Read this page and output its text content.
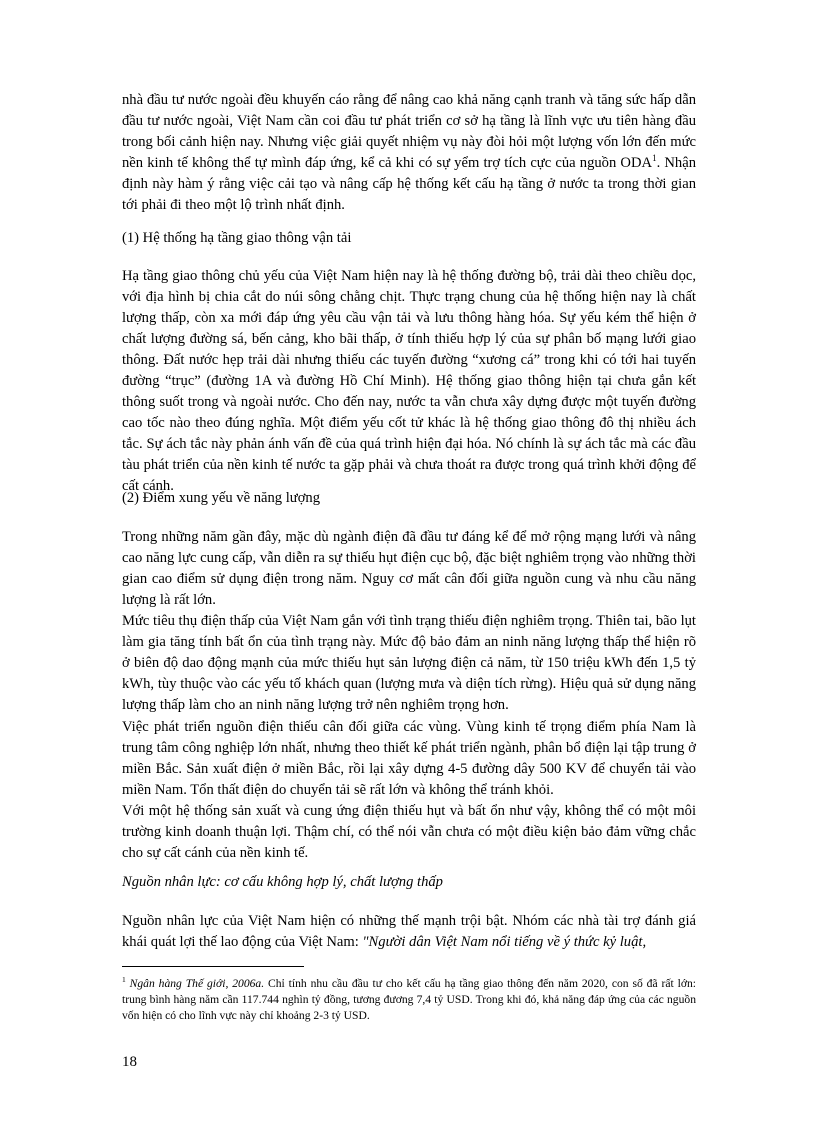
nhà đầu tư nước ngoài đều khuyến cáo rằng để nâng cao khả năng cạnh tranh và tăng sức hấp dẫn đầu tư nước ngoài, Việt Nam cần coi đầu tư phát triển cơ sở hạ tầng là lĩnh vực ưu tiên hàng đầu trong bối cảnh hiện nay. Nhưng việc giải quyết nhiệm vụ này đòi hỏi một lượng vốn lớn đến mức nền kinh tế không thể tự mình đáp ứng, kể cả khi có sự yểm trợ tích cực của nguồn ODA$^1$. Nhận định này hàm ý rằng việc cải tạo và nâng cấp hệ thống kết cấu hạ tầng ở nước ta trong thời gian tới phải đi theo một lộ trình nhất định.

(1) Hệ thống hạ tầng giao thông vận tải

Hạ tầng giao thông chủ yếu của Việt Nam hiện nay là hệ thống đường bộ, trải dài theo chiều dọc, với địa hình bị chia cắt do núi sông chằng chịt. Thực trạng chung của hệ thống hiện nay là chất lượng thấp, còn xa mới đáp ứng yêu cầu vận tải và lưu thông hàng hóa. Sự yếu kém thể hiện ở chất lượng đường sá, bến cảng, kho bãi thấp, ở tính thiếu hợp lý của sự phân bố mạng lưới giao thông. Đất nước hẹp trải dài nhưng thiếu các tuyến đường “xương cá” trong khi có tới hai tuyến đường “trục” (đường 1A và đường Hồ Chí Minh). Hệ thống giao thông hiện tại chưa gắn kết thông suốt trong và ngoài nước. Cho đến nay, nước ta vẫn chưa xây dựng được một tuyến đường cao tốc nào theo đúng nghĩa. Một điểm yếu cốt tử khác là hệ thống giao thông đô thị nhiều ách tắc. Sự ách tắc này phản ánh vấn đề của quá trình hiện đại hóa. Nó chính là sự ách tắc mà các đầu tàu phát triển của nền kinh tế nước ta gặp phải và chưa thoát ra được trong quá trình khởi động để cất cánh.

(2) Điểm xung yếu về năng lượng

Trong những năm gần đây, mặc dù ngành điện đã đầu tư đáng kể để mở rộng mạng lưới và nâng cao năng lực cung cấp, vẫn diễn ra sự thiếu hụt điện cục bộ, đặc biệt nghiêm trọng vào những thời gian cao điểm sử dụng điện trong năm. Nguy cơ mất cân đối giữa nguồn cung và nhu cầu năng lượng là rất lớn.

Mức tiêu thụ điện thấp của Việt Nam gắn với tình trạng thiếu điện nghiêm trọng. Thiên tai, bão lụt làm gia tăng tính bất ổn của tình trạng này. Mức độ bảo đảm an ninh năng lượng thấp thể hiện rõ ở biên độ dao động mạnh của mức thiếu hụt sản lượng điện cả năm, từ 150 triệu kWh đến 1,5 tỷ kWh, tùy thuộc vào các yếu tố khách quan (lượng mưa và diện tích rừng). Hiệu quả sử dụng năng lượng thấp làm cho an ninh năng lượng trở nên nghiêm trọng hơn.

Việc phát triển nguồn điện thiếu cân đối giữa các vùng. Vùng kinh tế trọng điểm phía Nam là trung tâm công nghiệp lớn nhất, nhưng theo thiết kế phát triển ngành, phân bổ điện lại tập trung ở miền Bắc. Sản xuất điện ở miền Bắc, rồi lại xây dựng 4-5 đường dây 500 KV để chuyển tải vào miền Nam. Tổn thất điện do chuyển tải sẽ rất lớn và không thể tránh khỏi.
Với một hệ thống sản xuất và cung ứng điện thiếu hụt và bất ổn như vậy, không thể có một môi trường kinh doanh thuận lợi. Thậm chí, có thể nói vẫn chưa có một điều kiện bảo đảm vững chắc cho sự cất cánh của nền kinh tế.

Nguồn nhân lực: cơ cấu không hợp lý, chất lượng thấp

Nguồn nhân lực của Việt Nam hiện có những thế mạnh trội bật. Nhóm các nhà tài trợ đánh giá khái quát lợi thế lao động của Việt Nam: "Người dân Việt Nam nổi tiếng về ý thức kỷ luật,

$^1$ Ngân hàng Thế giới, 2006a. Chỉ tính nhu cầu đầu tư cho kết cấu hạ tầng giao thông đến năm 2020, con số đã rất lớn: trung bình hàng năm cần 117.744 nghìn tỷ đồng, tương đương 7,4 tỷ USD. Trong khi đó, khả năng đáp ứng của các nguồn vốn hiện có cho lĩnh vực này chỉ khoảng 2-3 tỷ USD.

18
